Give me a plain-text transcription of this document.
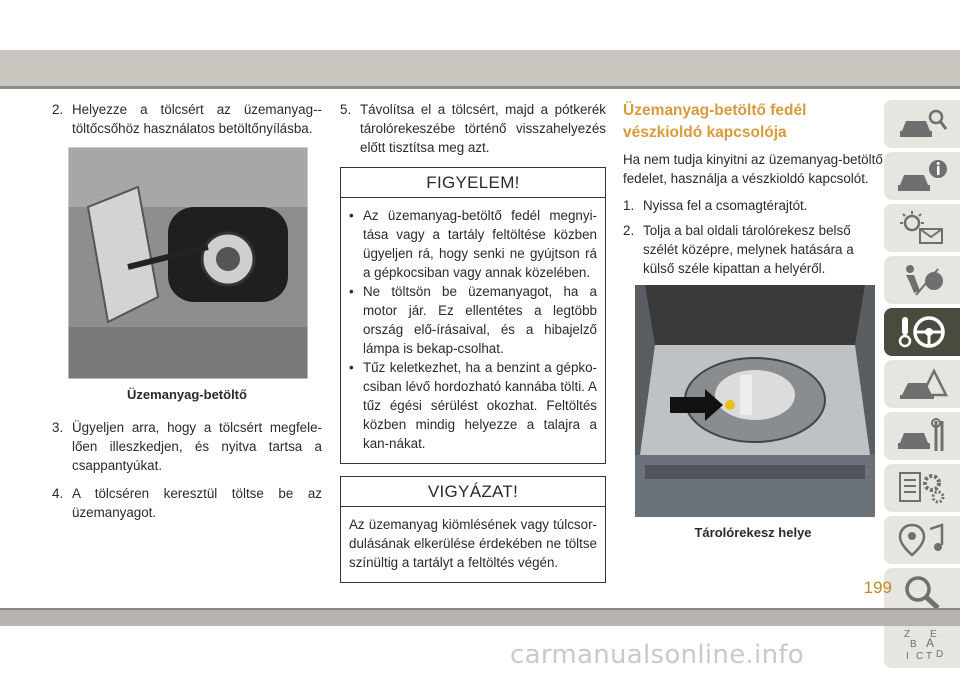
2. Helyezze a tölcsért az üzemanyag--töltőcsőhöz használatos betöltőnyílásba.
Üzemanyag-betöltő
3. Ügyeljen arra, hogy a tölcsért megfele-lően illeszkedjen, és nyitva tartsa a csappantyúkat.
4. A tölcséren keresztül töltse be az üzemanyagot.
5. Távolítsa el a tölcsért, majd a pótkerék tárolórekeszébe történő visszahelyezés előtt tisztítsa meg azt.
FIGYELEM!
• Az üzemanyag-betöltő fedél megnyi-tása vagy a tartály feltöltése közben ügyeljen rá, hogy senki ne gyújtson rá a gépkocsiban vagy annak közelében.
• Ne töltsön be üzemanyagot, ha a motor jár. Ez ellentétes a legtöbb ország elő-írásaival, és a hibajelző lámpa is bekap-csolhat.
• Tűz keletkezhet, ha a benzint a gépko-csiban lévő hordozható kannába tölti. A tűz égési sérülést okozhat. Feltöltés közben mindig helyezze a talajra a kan-nákat.
VIGYÁZAT!
Az üzemanyag kiömlésének vagy túlcsor-dulásának elkerülése érdekében ne töltse színültig a tartályt a feltöltés végén.
Üzemanyag-betöltő fedél vészkioldó kapcsolója
Ha nem tudja kinyitni az üzemanyag-betöltő fedelet, használja a vészkioldó kapcsolót.
1. Nyissa fel a csomagtérajtót.
2. Tolja a bal oldali tárolórekesz belső szélét középre, melynek hatására a külső széle kipattan a helyéről.
Tárolórekesz helye
Z E
B A
I C T D
199
carmanualsonline.info
